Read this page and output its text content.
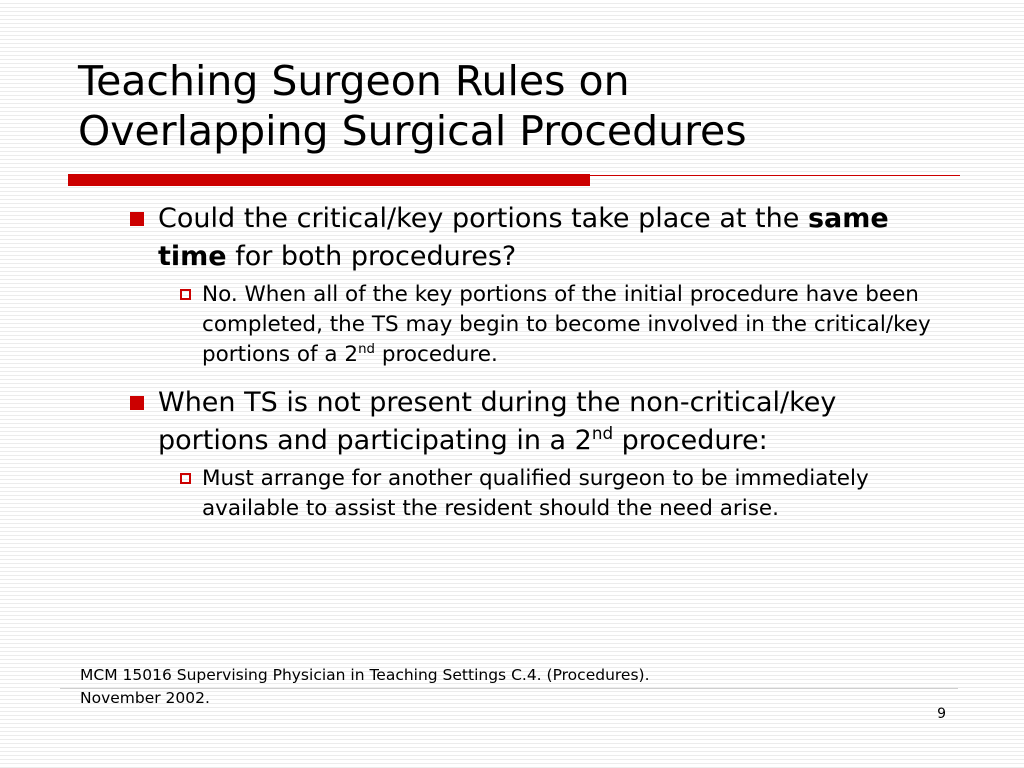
Teaching Surgeon Rules on
Overlapping Surgical Procedures
Could the critical/key portions take place at the same time for both procedures?
No. When all of the key portions of the initial procedure have been completed, the TS may begin to become involved in the critical/key portions of a 2nd procedure.
When TS is not present during the non-critical/key portions and participating in a 2nd procedure:
Must arrange for another qualified surgeon to be immediately available to assist the resident should the need arise.
MCM 15016 Supervising Physician in Teaching Settings C.4. (Procedures).
November 2002.
9
